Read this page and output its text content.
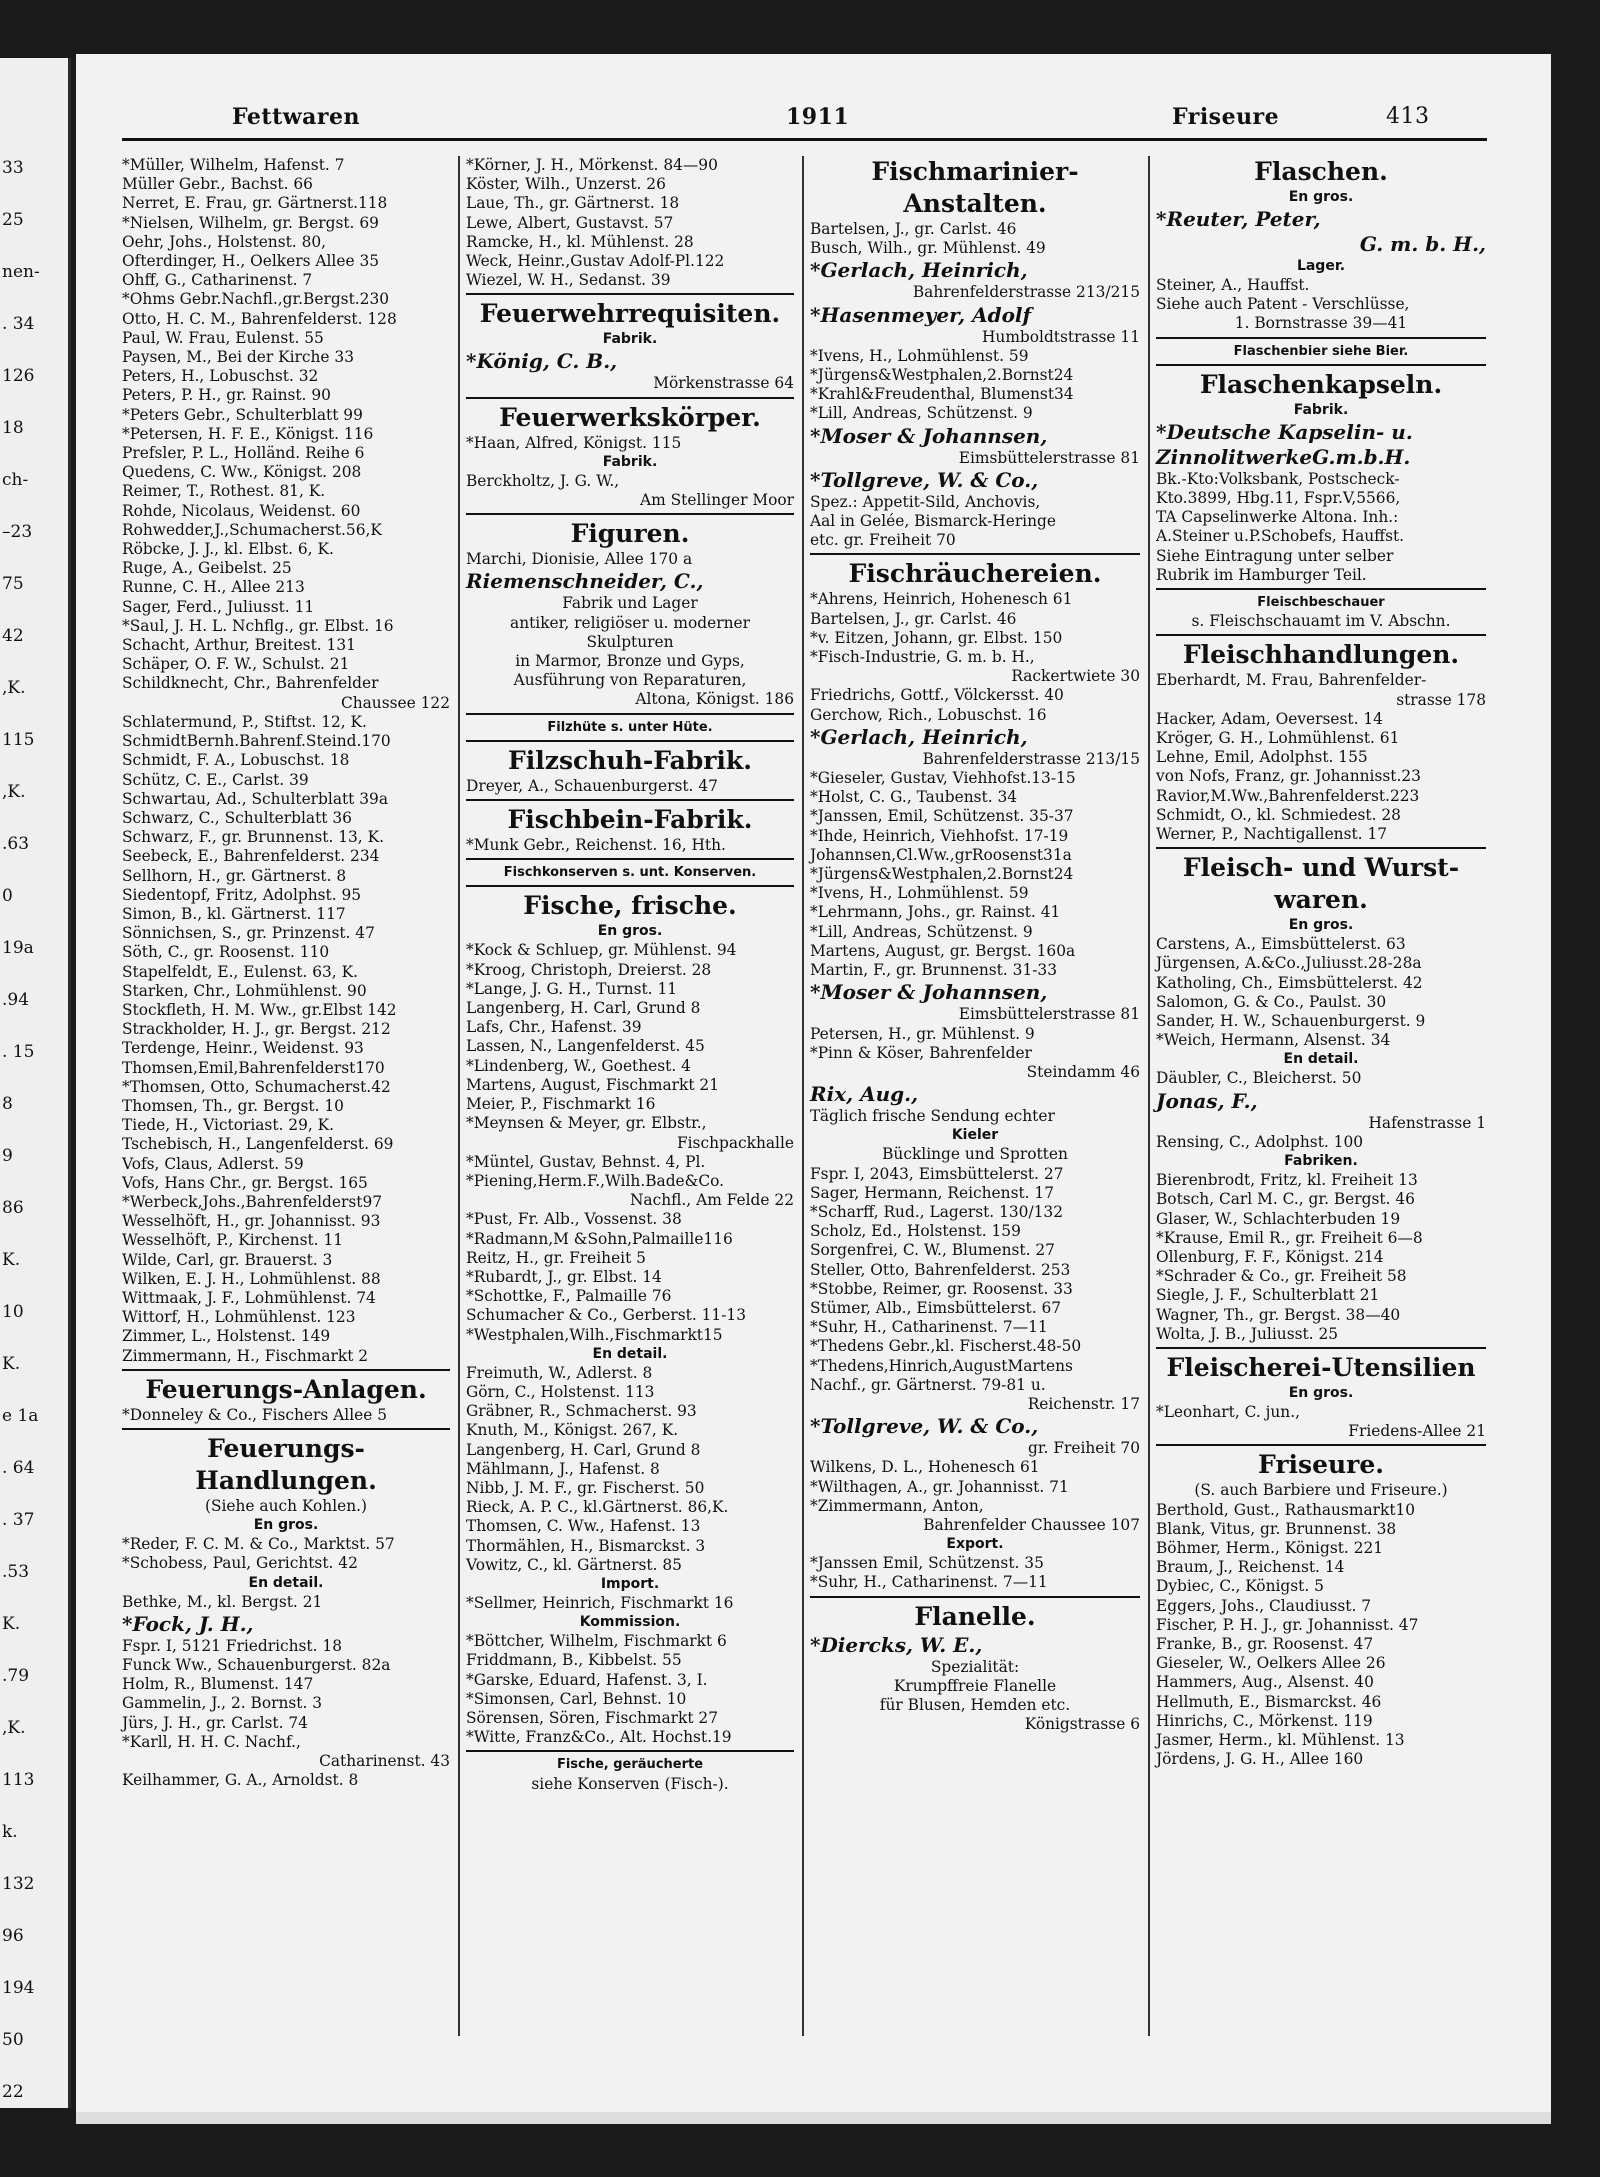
33
25
nen-
. 34
126
18
ch-
–23
75
42
,K.
115
,K.
.63
0
19a
.94
. 15
8
9
86
K.
10
K.
e 1a
. 64
. 37
.53
K.
.79
,K.
113
k.
132
96
194
50
22
Fettwaren	1911	Friseure	413
*Müller, Wilhelm, Hafenst. 7
Müller Gebr., Bachst. 66
Nerret, E. Frau, gr. Gärtnerst.118
*Nielsen, Wilhelm, gr. Bergst. 69
Oehr, Johs., Holstenst. 80,
Ofterdinger, H., Oelkers Allee 35
Ohff, G., Catharinenst. 7
*Ohms Gebr.Nachfl.,gr.Bergst.230
Otto, H. C. M., Bahrenfelderst. 128
Paul, W. Frau, Eulenst. 55
Paysen, M., Bei der Kirche 33
Peters, H., Lobuschst. 32
Peters, P. H., gr. Rainst. 90
*Peters Gebr., Schulterblatt 99
*Petersen, H. F. E., Königst. 116
Prefsler, P. L., Holländ. Reihe 6
Quedens, C. Ww., Königst. 208
Reimer, T., Rothest. 81, K.
Rohde, Nicolaus, Weidenst. 60
Rohwedder,J.,Schumacherst.56,K
Röbcke, J. J., kl. Elbst. 6, K.
Ruge, A., Geibelst. 25
Runne, C. H., Allee 213
Sager, Ferd., Juliusst. 11
*Saul, J. H. L. Nchflg., gr. Elbst. 16
Schacht, Arthur, Breitest. 131
Schäper, O. F. W., Schulst. 21
Schildknecht, Chr., Bahrenfelder
Chaussee 122
Schlatermund, P., Stiftst. 12, K.
SchmidtBernh.Bahrenf.Steind.170
Schmidt, F. A., Lobuschst. 18
Schütz, C. E., Carlst. 39
Schwartau, Ad., Schulterblatt 39a
Schwarz, C., Schulterblatt 36
Schwarz, F., gr. Brunnenst. 13, K.
Seebeck, E., Bahrenfelderst. 234
Sellhorn, H., gr. Gärtnerst. 8
Siedentopf, Fritz, Adolphst. 95
Simon, B., kl. Gärtnerst. 117
Sönnichsen, S., gr. Prinzenst. 47
Söth, C., gr. Roosenst. 110
Stapelfeldt, E., Eulenst. 63, K.
Starken, Chr., Lohmühlenst. 90
Stockfleth, H. M. Ww., gr.Elbst 142
Strackholder, H. J., gr. Bergst. 212
Terdenge, Heinr., Weidenst. 93
Thomsen,Emil,Bahrenfelderst170
*Thomsen, Otto, Schumacherst.42
Thomsen, Th., gr. Bergst. 10
Tiede, H., Victoriast. 29, K.
Tschebisch, H., Langenfelderst. 69
Vofs, Claus, Adlerst. 59
Vofs, Hans Chr., gr. Bergst. 165
*Werbeck,Johs.,Bahrenfelderst97
Wesselhöft, H., gr. Johannisst. 93
Wesselhöft, P., Kirchenst. 11
Wilde, Carl, gr. Brauerst. 3
Wilken, E. J. H., Lohmühlenst. 88
Wittmaak, J. F., Lohmühlenst. 74
Wittorf, H., Lohmühlenst. 123
Zimmer, L., Holstenst. 149
Zimmermann, H., Fischmarkt 2
Feuerungs-Anlagen.
*Donneley & Co., Fischers Allee 5
Feuerungs-
Handlungen.
(Siehe auch Kohlen.)
En gros.
*Reder, F. C. M. & Co., Marktst. 57
*Schobess, Paul, Gerichtst. 42
En detail.
Bethke, M., kl. Bergst. 21
*Fock, J. H.,
Fspr. I, 5121 Friedrichst. 18
Funck Ww., Schauenburgerst. 82a
Holm, R., Blumenst. 147
Gammelin, J., 2. Bornst. 3
Jürs, J. H., gr. Carlst. 74
*Karll, H. H. C. Nachf.,
Catharinenst. 43
Keilhammer, G. A., Arnoldst. 8
*Körner, J. H., Mörkenst. 84—90
Köster, Wilh., Unzerst. 26
Laue, Th., gr. Gärtnerst. 18
Lewe, Albert, Gustavst. 57
Ramcke, H., kl. Mühlenst. 28
Weck, Heinr.,Gustav Adolf-Pl.122
Wiezel, W. H., Sedanst. 39
Feuerwehrrequisiten.
Fabrik.
*König, C. B.,
Mörkenstrasse 64
Feuerwerkskörper.
*Haan, Alfred, Königst. 115
Fabrik.
Berckholtz, J. G. W.,
Am Stellinger Moor
Figuren.
Marchi, Dionisie, Allee 170 a
Riemenschneider, C.,
Fabrik und Lager
antiker, religiöser u. moderner
Skulpturen
in Marmor, Bronze und Gyps,
Ausführung von Reparaturen,
Altona, Königst. 186
Filzhüte s. unter Hüte.
Filzschuh-Fabrik.
Dreyer, A., Schauenburgerst. 47
Fischbein-Fabrik.
*Munk Gebr., Reichenst. 16, Hth.
Fischkonserven s. unt. Konserven.
Fische, frische.
En gros.
*Kock & Schluep, gr. Mühlenst. 94
*Kroog, Christoph, Dreierst. 28
*Lange, J. G. H., Turnst. 11
Langenberg, H. Carl, Grund 8
Lafs, Chr., Hafenst. 39
Lassen, N., Langenfelderst. 45
*Lindenberg, W., Goethest. 4
Martens, August, Fischmarkt 21
Meier, P., Fischmarkt 16
*Meynsen & Meyer, gr. Elbstr.,
Fischpackhalle
*Müntel, Gustav, Behnst. 4, Pl.
*Piening,Herm.F.,Wilh.Bade&Co.
Nachfl., Am Felde 22
*Pust, Fr. Alb., Vossenst. 38
*Radmann,M &Sohn,Palmaille116
Reitz, H., gr. Freiheit 5
*Rubardt, J., gr. Elbst. 14
*Schottke, F., Palmaille 76
Schumacher & Co., Gerberst. 11-13
*Westphalen,Wilh.,Fischmarkt15
En detail.
Freimuth, W., Adlerst. 8
Görn, C., Holstenst. 113
Gräbner, R., Schmacherst. 93
Knuth, M., Königst. 267, K.
Langenberg, H. Carl, Grund 8
Mählmann, J., Hafenst. 8
Nibb, J. M. F., gr. Fischerst. 50
Rieck, A. P. C., kl.Gärtnerst. 86,K.
Thomsen, C. Ww., Hafenst. 13
Thormählen, H., Bismarckst. 3
Vowitz, C., kl. Gärtnerst. 85
Import.
*Sellmer, Heinrich, Fischmarkt 16
Kommission.
*Böttcher, Wilhelm, Fischmarkt 6
Friddmann, B., Kibbelst. 55
*Garske, Eduard, Hafenst. 3, I.
*Simonsen, Carl, Behnst. 10
Sörensen, Sören, Fischmarkt 27
*Witte, Franz&Co., Alt. Hochst.19
Fische, geräucherte
siehe Konserven (Fisch-).
Fischmarinier-
Anstalten.
Bartelsen, J., gr. Carlst. 46
Busch, Wilh., gr. Mühlenst. 49
*Gerlach, Heinrich,
Bahrenfelderstrasse 213/215
*Hasenmeyer, Adolf
Humboldtstrasse 11
*Ivens, H., Lohmühlenst. 59
*Jürgens&Westphalen,2.Bornst24
*Krahl&Freudenthal, Blumenst34
*Lill, Andreas, Schützenst. 9
*Moser & Johannsen,
Eimsbüttelerstrasse 81
*Tollgreve, W. & Co.,
Spez.: Appetit-Sild, Anchovis,
Aal in Gelée, Bismarck-Heringe
etc. gr. Freiheit 70
Fischräuchereien.
*Ahrens, Heinrich, Hohenesch 61
Bartelsen, J., gr. Carlst. 46
*v. Eitzen, Johann, gr. Elbst. 150
*Fisch-Industrie, G. m. b. H.,
Rackertwiete 30
Friedrichs, Gottf., Völckersst. 40
Gerchow, Rich., Lobuschst. 16
*Gerlach, Heinrich,
Bahrenfelderstrasse 213/15
*Gieseler, Gustav, Viehhofst.13-15
*Holst, C. G., Taubenst. 34
*Janssen, Emil, Schützenst. 35-37
*Ihde, Heinrich, Viehhofst. 17-19
Johannsen,Cl.Ww.,grRoosenst31a
*Jürgens&Westphalen,2.Bornst24
*Ivens, H., Lohmühlenst. 59
*Lehrmann, Johs., gr. Rainst. 41
*Lill, Andreas, Schützenst. 9
Martens, August, gr. Bergst. 160a
Martin, F., gr. Brunnenst. 31-33
*Moser & Johannsen,
Eimsbüttelerstrasse 81
Petersen, H., gr. Mühlenst. 9
*Pinn & Köser, Bahrenfelder
Steindamm 46
Rix, Aug.,
Täglich frische Sendung echter
Kieler
Bücklinge und Sprotten
Fspr. I, 2043, Eimsbüttelerst. 27
Sager, Hermann, Reichenst. 17
*Scharff, Rud., Lagerst. 130/132
Scholz, Ed., Holstenst. 159
Sorgenfrei, C. W., Blumenst. 27
Steller, Otto, Bahrenfelderst. 253
*Stobbe, Reimer, gr. Roosenst. 33
Stümer, Alb., Eimsbüttelerst. 67
*Suhr, H., Catharinenst. 7—11
*Thedens Gebr.,kl. Fischerst.48-50
*Thedens,Hinrich,AugustMartens
Nachf., gr. Gärtnerst. 79-81 u.
Reichenstr. 17
*Tollgreve, W. & Co.,
gr. Freiheit 70
Wilkens, D. L., Hohenesch 61
*Wilthagen, A., gr. Johannisst. 71
*Zimmermann, Anton,
Bahrenfelder Chaussee 107
Export.
*Janssen Emil, Schützenst. 35
*Suhr, H., Catharinenst. 7—11
Flanelle.
*Diercks, W. E.,
Spezialität:
Krumpffreie Flanelle
für Blusen, Hemden etc.
Königstrasse 6
Flaschen.
En gros.
*Reuter, Peter,
G. m. b. H.,
Lager.
Steiner, A., Hauffst.
Siehe auch Patent - Verschlüsse,
1. Bornstrasse 39—41
Flaschenbier siehe Bier.
Flaschenkapseln.
Fabrik.
*Deutsche Kapselin- u.
ZinnolitwerkeG.m.b.H.
Bk.-Kto:Volksbank, Postscheck-
Kto.3899, Hbg.11, Fspr.V,5566,
TA Capselinwerke Altona. Inh.:
A.Steiner u.P.Schobefs, Hauffst.
Siehe Eintragung unter selber
Rubrik im Hamburger Teil.
Fleischbeschauer
s. Fleischschauamt im V. Abschn.
Fleischhandlungen.
Eberhardt, M. Frau, Bahrenfelder-
strasse 178
Hacker, Adam, Oeversest. 14
Kröger, G. H., Lohmühlenst. 61
Lehne, Emil, Adolphst. 155
von Nofs, Franz, gr. Johannisst.23
Ravior,M.Ww.,Bahrenfelderst.223
Schmidt, O., kl. Schmiedest. 28
Werner, P., Nachtigallenst. 17
Fleisch- und Wurst-
waren.
En gros.
Carstens, A., Eimsbüttelerst. 63
Jürgensen, A.&Co.,Juliusst.28-28a
Katholing, Ch., Eimsbüttelerst. 42
Salomon, G. & Co., Paulst. 30
Sander, H. W., Schauenburgerst. 9
*Weich, Hermann, Alsenst. 34
En detail.
Däubler, C., Bleicherst. 50
Jonas, F.,
Hafenstrasse 1
Rensing, C., Adolphst. 100
Fabriken.
Bierenbrodt, Fritz, kl. Freiheit 13
Botsch, Carl M. C., gr. Bergst. 46
Glaser, W., Schlachterbuden 19
*Krause, Emil R., gr. Freiheit 6—8
Ollenburg, F. F., Königst. 214
*Schrader & Co., gr. Freiheit 58
Siegle, J. F., Schulterblatt 21
Wagner, Th., gr. Bergst. 38—40
Wolta, J. B., Juliusst. 25
Fleischerei-Utensilien
En gros.
*Leonhart, C. jun.,
Friedens-Allee 21
Friseure.
(S. auch Barbiere und Friseure.)
Berthold, Gust., Rathausmarkt10
Blank, Vitus, gr. Brunnenst. 38
Böhmer, Herm., Königst. 221
Braum, J., Reichenst. 14
Dybiec, C., Königst. 5
Eggers, Johs., Claudiusst. 7
Fischer, P. H. J., gr. Johannisst. 47
Franke, B., gr. Roosenst. 47
Gieseler, W., Oelkers Allee 26
Hammers, Aug., Alsenst. 40
Hellmuth, E., Bismarckst. 46
Hinrichs, C., Mörkenst. 119
Jasmer, Herm., kl. Mühlenst. 13
Jördens, J. G. H., Allee 160
